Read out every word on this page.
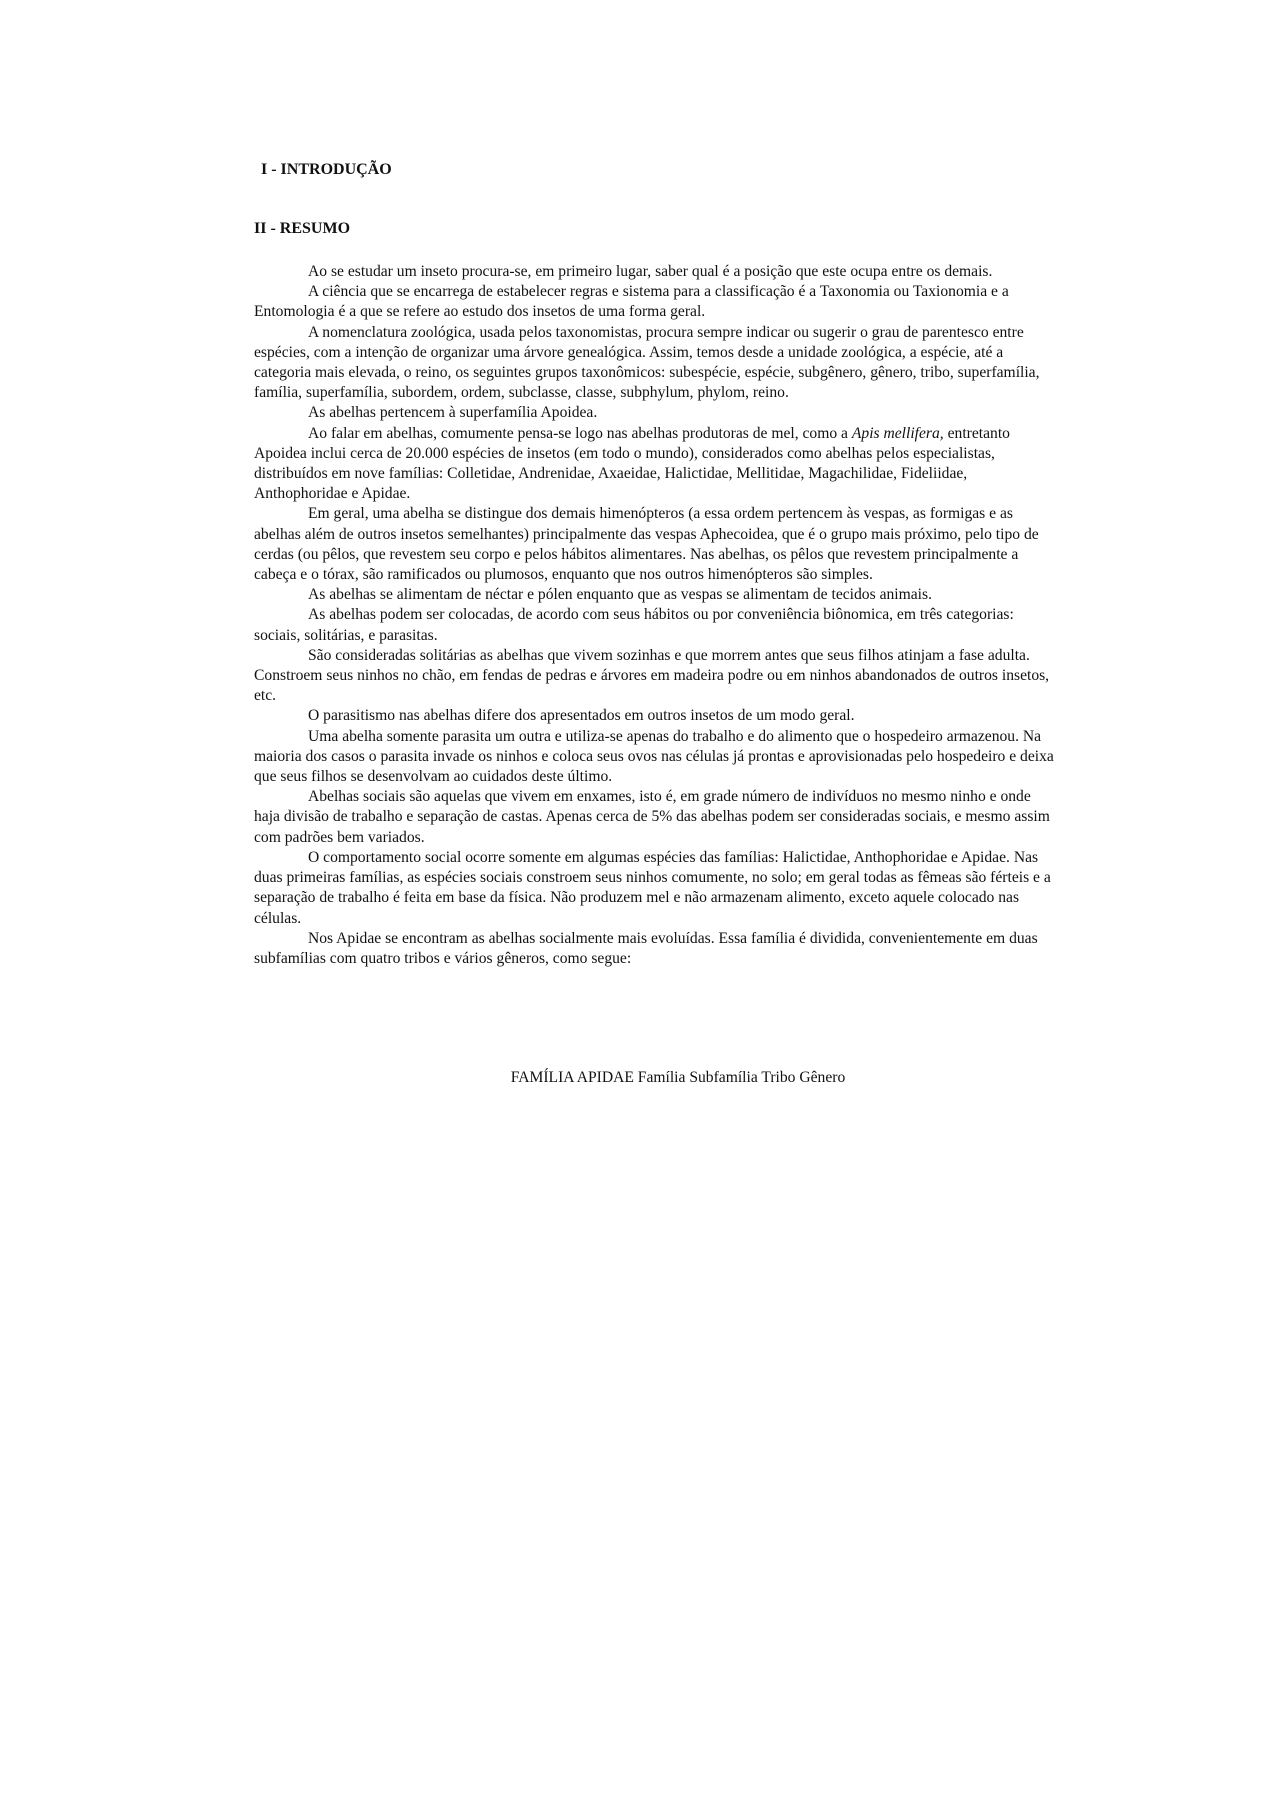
I - INTRODUÇÃO
II - RESUMO

Ao se estudar um inseto procura-se, em primeiro lugar, saber qual é a posição que este ocupa entre os demais.

A ciência que se encarrega de estabelecer regras e sistema para a classificação é a Taxonomia ou Taxionomia e a Entomologia é a que se refere ao estudo dos insetos de uma forma geral.

A nomenclatura zoológica, usada pelos taxonomistas, procura sempre indicar ou sugerir o grau de parentesco entre espécies, com a intenção de organizar uma árvore genealógica. Assim, temos desde a unidade zoológica, a espécie, até a categoria mais elevada, o reino, os seguintes grupos taxonômicos: subespécie, espécie, subgênero, gênero, tribo, superfamília, família, superfamília, subordem, ordem, subclasse, classe, subphylum, phylom, reino.

As abelhas pertencem à superfamília Apoidea.

Ao falar em abelhas, comumente pensa-se logo nas abelhas produtoras de mel, como a Apis mellifera, entretanto Apoidea inclui cerca de 20.000 espécies de insetos (em todo o mundo), considerados como abelhas pelos especialistas, distribuídos em nove famílias: Colletidae, Andrenidae, Axaeidae, Halictidae, Mellitidae, Magachilidae, Fideliidae, Anthophoridae e Apidae.

Em geral, uma abelha se distingue dos demais himenópteros (a essa ordem pertencem às vespas, as formigas e as abelhas além de outros insetos semelhantes) principalmente das vespas Aphecoidea, que é o grupo mais próximo, pelo tipo de cerdas (ou pêlos, que revestem seu corpo e pelos hábitos alimentares. Nas abelhas, os pêlos que revestem principalmente a cabeça e o tórax, são ramificados ou plumosos, enquanto que nos outros himenópteros são simples.

As abelhas se alimentam de néctar e pólen enquanto que as vespas se alimentam de tecidos animais.

As abelhas podem ser colocadas, de acordo com seus hábitos ou por conveniência biônomica, em três categorias: sociais, solitárias, e parasitas.

São consideradas solitárias as abelhas que vivem sozinhas e que morrem antes que seus filhos atinjam a fase adulta. Constroem seus ninhos no chão, em fendas de pedras e árvores em madeira podre ou em ninhos abandonados de outros insetos, etc.

O parasitismo nas abelhas difere dos apresentados em outros insetos de um modo geral.

Uma abelha somente parasita um outra e utiliza-se apenas do trabalho e do alimento que o hospedeiro armazenou. Na maioria dos casos o parasita invade os ninhos e coloca seus ovos nas células já prontas e aprovisionadas pelo hospedeiro e deixa que seus filhos se desenvolvam ao cuidados deste último.

Abelhas sociais são aquelas que vivem em enxames, isto é, em grade número de indivíduos no mesmo ninho e onde haja divisão de trabalho e separação de castas. Apenas cerca de 5% das abelhas podem ser consideradas sociais, e mesmo assim com padrões bem variados.

O comportamento social ocorre somente em algumas espécies das famílias: Halictidae, Anthophoridae e Apidae. Nas duas primeiras famílias, as espécies sociais constroem seus ninhos comumente, no solo; em geral todas as fêmeas são férteis e a separação de trabalho é feita em base da física. Não produzem mel e não armazenam alimento, exceto aquele colocado nas células.

Nos Apidae se encontram as abelhas socialmente mais evoluídas. Essa família é dividida, convenientemente em duas subfamílias com quatro tribos e vários gêneros, como segue:

FAMÍLIA APIDAE Família Subfamília Tribo Gênero
